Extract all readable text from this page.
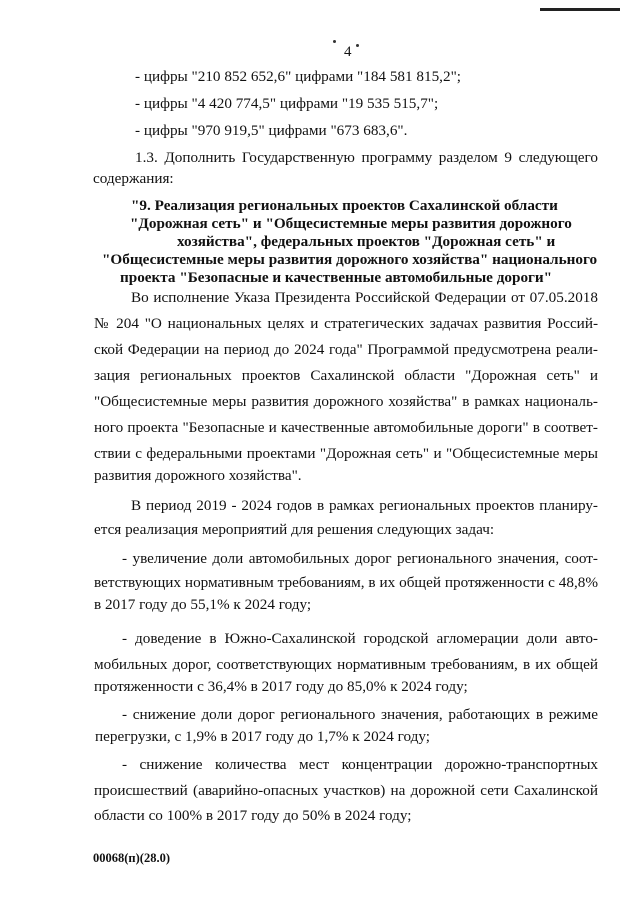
4
- цифры "210 852 652,6" цифрами "184 581 815,2";
- цифры "4 420 774,5" цифрами "19 535 515,7";
- цифры "970 919,5" цифрами "673 683,6".
1.3. Дополнить Государственную программу разделом 9 следующего
содержания:
"9. Реализация региональных проектов Сахалинской области
"Дорожная сеть" и "Общесистемные меры развития дорожного
хозяйства", федеральных проектов "Дорожная сеть" и
"Общесистемные меры развития дорожного хозяйства" национального
проекта "Безопасные и качественные автомобильные дороги"
Во исполнение Указа Президента Российской Федерации от 07.05.2018
№ 204 "О национальных целях и стратегических задачах развития Россий-
ской Федерации на период до 2024 года" Программой предусмотрена реали-
зация региональных проектов Сахалинской области "Дорожная сеть" и
"Общесистемные меры развития дорожного хозяйства" в рамках националь-
ного проекта "Безопасные и качественные автомобильные дороги" в соответ-
ствии с федеральными проектами "Дорожная сеть" и "Общесистемные меры
развития дорожного хозяйства".
В период 2019 - 2024 годов в рамках региональных проектов планиру-
ется реализация мероприятий для решения следующих задач:
- увеличение доли автомобильных дорог регионального значения, соот-
ветствующих нормативным требованиям, в их общей протяженности с 48,8%
в 2017 году до 55,1% к 2024 году;
- доведение в Южно-Сахалинской городской агломерации доли авто-
мобильных дорог, соответствующих нормативным требованиям, в их общей
протяженности с 36,4% в 2017 году до 85,0% к 2024 году;
- снижение доли дорог регионального значения, работающих в режиме
перегрузки, с 1,9% в 2017 году до 1,7% к 2024 году;
- снижение количества мест концентрации дорожно-транспортных
происшествий (аварийно-опасных участков) на дорожной сети Сахалинской
области со 100% в 2017 году до 50% в 2024 году;
00068(п)(28.0)
